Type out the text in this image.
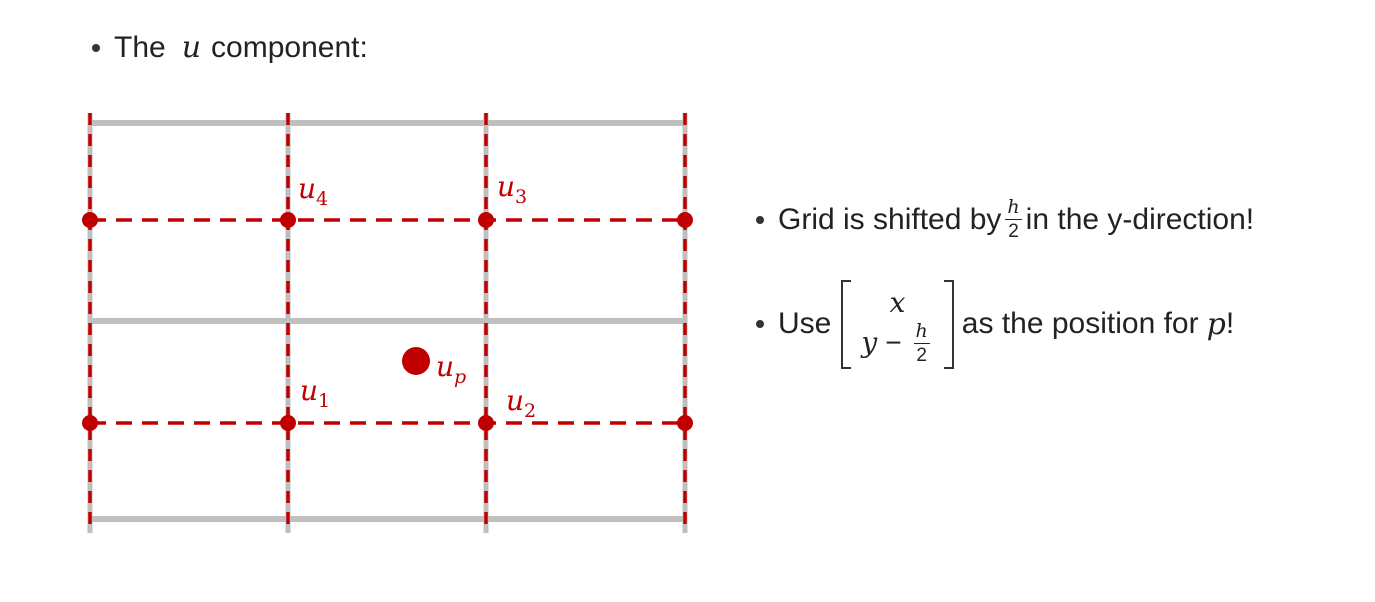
The u component:
$u_4$	$u_3$
$u_1$	$u_2$
$u_p$
Grid is shifted by $\frac{h}{2}$ in the y-direction!
Use
x
$y - \frac{h}{2}$ as the position for p !
